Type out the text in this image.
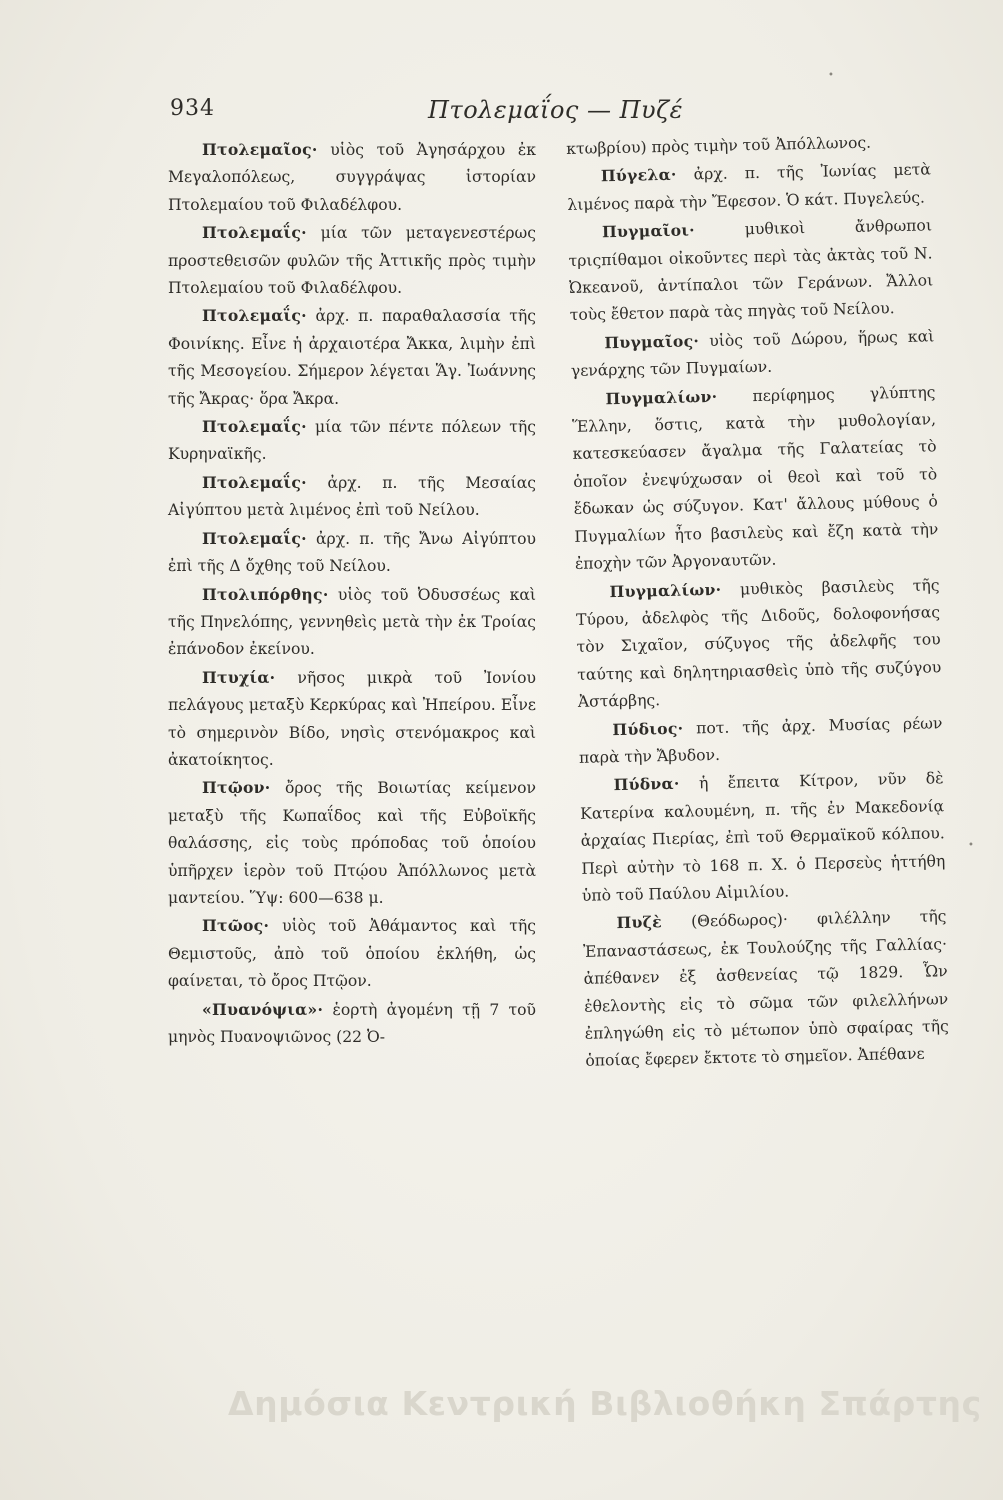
•
•
934	Πτολεμαΐος — Πυζέ

Πτολεμαῖος· υἱὸς τοῦ Ἀγησάρχου ἐκ Μεγαλοπόλεως, συγγράψας ἱστορίαν Πτολεμαίου τοῦ Φιλαδέλφου.

Πτολεμαΐς· μία τῶν μεταγενεστέρως προστεθεισῶν φυλῶν τῆς Ἀττικῆς πρὸς τιμὴν Πτολεμαίου τοῦ Φιλαδέλφου.

Πτολεμαΐς· ἀρχ. π. παραθαλασσία τῆς Φοινίκης. Εἶνε ἡ ἀρχαιοτέρα Ἄκκα, λιμὴν ἐπὶ τῆς Μεσογείου. Σήμερον λέγεται Ἅγ. Ἰωάννης τῆς Ἄκρας· ὅρα Ἄκρα.

Πτολεμαΐς· μία τῶν πέντε πόλεων τῆς Κυρηναϊκῆς.

Πτολεμαΐς· ἀρχ. π. τῆς Μεσαίας Αἰγύπτου μετὰ λιμένος ἐπὶ τοῦ Νείλου.

Πτολεμαΐς· ἀρχ. π. τῆς Ἄνω Αἰγύπτου ἐπὶ τῆς Δ ὄχθης τοῦ Νείλου.

Πτολιπόρθης· υἱὸς τοῦ Ὀδυσσέως καὶ τῆς Πηνελόπης, γεννηθεὶς μετὰ τὴν ἐκ Τροίας ἐπάνοδον ἐκείνου.

Πτυχία· νῆσος μικρὰ τοῦ Ἰονίου πελάγους μεταξὺ Κερκύρας καὶ Ἠπείρου. Εἶνε τὸ σημερινὸν Βίδο, νησὶς στενόμακρος καὶ ἀκατοίκητος.

Πτῷον· ὄρος τῆς Βοιωτίας κείμενον μεταξὺ τῆς Κωπαΐδος καὶ τῆς Εὐβοϊκῆς θαλάσσης, εἰς τοὺς πρόποδας τοῦ ὁποίου ὑπῆρχεν ἱερὸν τοῦ Πτῴου Ἀπόλλωνος μετὰ μαντείου. Ὕψ: 600—638 μ.

Πτῶος· υἱὸς τοῦ Ἀθάμαντος καὶ τῆς Θεμιστοῦς, ἀπὸ τοῦ ὁποίου ἐκλήθη, ὡς φαίνεται, τὸ ὄρος Πτῷον.

«Πυανόψια»· ἑορτὴ ἀγομένη τῇ 7 τοῦ μηνὸς Πυανοψιῶνος (22 Ὀ-

κτωβρίου) πρὸς τιμὴν τοῦ Ἀπόλλωνος.

Πύγελα· ἀρχ. π. τῆς Ἰωνίας μετὰ λιμένος παρὰ τὴν Ἔφεσον. Ὁ κάτ. Πυγελεύς.

Πυγμαῖοι· μυθικοὶ ἄνθρωποι τριςπίθαμοι οἰκοῦντες περὶ τὰς ἀκτὰς τοῦ Ν. Ὠκεανοῦ, ἀντίπαλοι τῶν Γεράνων. Ἄλλοι τοὺς ἔθετον παρὰ τὰς πηγὰς τοῦ Νείλου.

Πυγμαῖος· υἱὸς τοῦ Δώρου, ἥρως καὶ γενάρχης τῶν Πυγμαίων.

Πυγμαλίων· περίφημος γλύπτης Ἕλλην, ὅστις, κατὰ τὴν μυθολογίαν, κατεσκεύασεν ἄγαλμα τῆς Γαλατείας τὸ ὁποῖον ἐνεψύχωσαν οἱ θεοὶ καὶ τοῦ τὸ ἔδωκαν ὡς σύζυγον. Κατ' ἄλλους μύθους ὁ Πυγμαλίων ἦτο βασιλεὺς καὶ ἔζη κατὰ τὴν ἐποχὴν τῶν Ἀργοναυτῶν.

Πυγμαλίων· μυθικὸς βασιλεὺς τῆς Τύρου, ἀδελφὸς τῆς Διδοῦς, δολοφονήσας τὸν Σιχαῖον, σύζυγος τῆς ἀδελφῆς του ταύτης καὶ δηλητηριασθεὶς ὑπὸ τῆς συζύγου Ἀστάρβης.

Πύδιος· ποτ. τῆς ἀρχ. Μυσίας ρέων παρὰ τὴν Ἄβυδον.

Πύδνα· ἡ ἔπειτα Κίτρον, νῦν δὲ Κατερίνα καλουμένη, π. τῆς ἐν Μακεδονίᾳ ἀρχαίας Πιερίας, ἐπὶ τοῦ Θερμαϊκοῦ κόλπου. Περὶ αὐτὴν τὸ 168 π. Χ. ὁ Περσεὺς ἡττήθη ὑπὸ τοῦ Παύλου Αἰμιλίου.

Πυζὲ (Θεόδωρος)· φιλέλλην τῆς Ἐπαναστάσεως, ἐκ Τουλούζης τῆς Γαλλίας· ἀπέθανεν ἐξ ἀσθενείας τῷ 1829. Ὧν ἐθελοντὴς εἰς τὸ σῶμα τῶν φιλελλήνων ἐπληγώθη εἰς τὸ μέτωπον ὑπὸ σφαίρας τῆς ὁποίας ἔφερεν ἔκτοτε τὸ σημεῖον. Ἀπέθανε

Δημόσια Κεντρική Βιβλιοθήκη Σπάρτης
